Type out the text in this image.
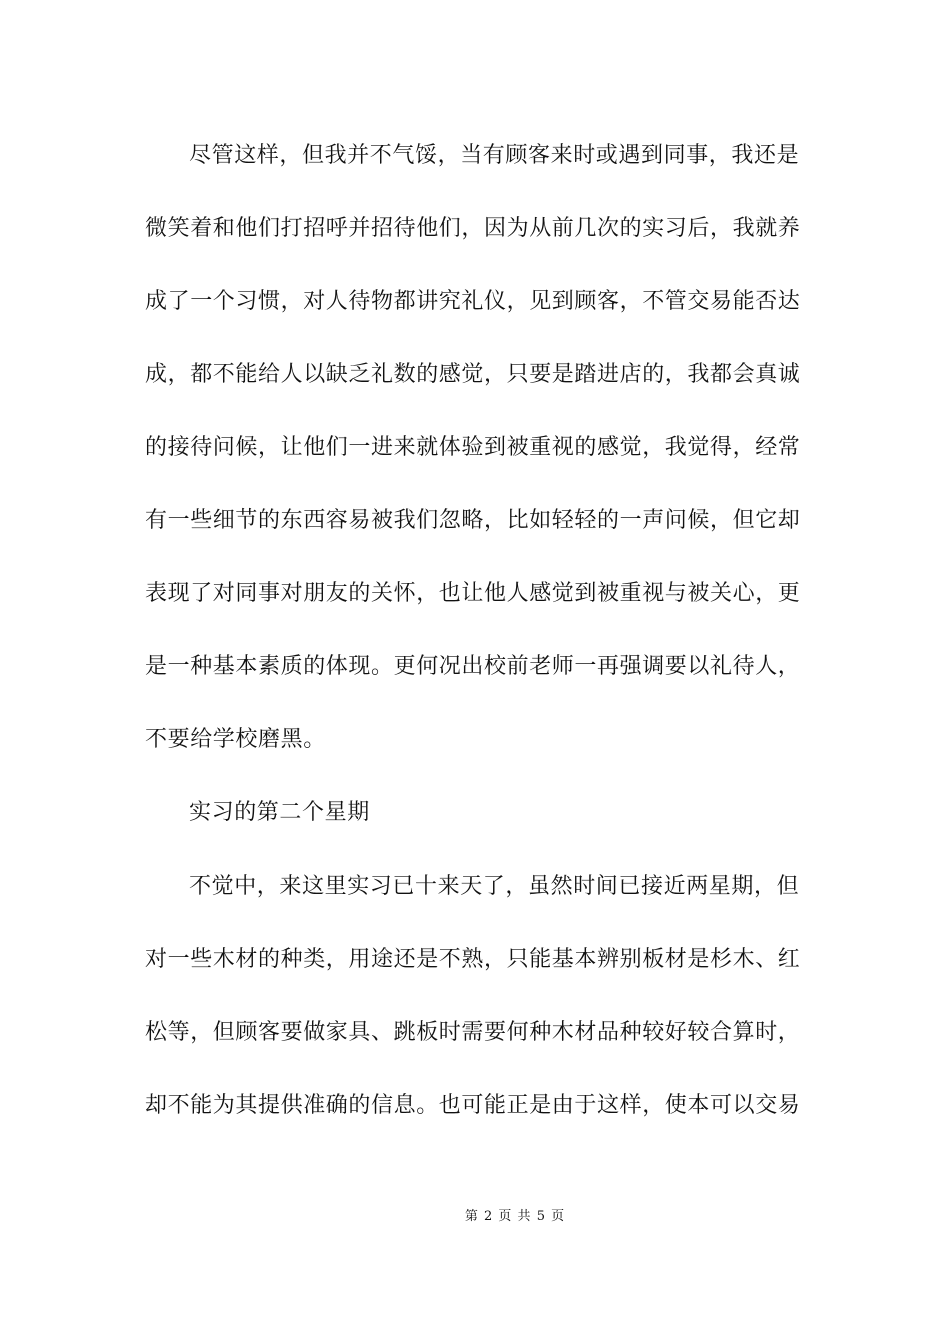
尽管这样，但我并不气馁，当有顾客来时或遇到同事，我还是
微笑着和他们打招呼并招待他们，因为从前几次的实习后，我就养
成了一个习惯，对人待物都讲究礼仪，见到顾客，不管交易能否达
成，都不能给人以缺乏礼数的感觉，只要是踏进店的，我都会真诚
的接待问候，让他们一进来就体验到被重视的感觉，我觉得，经常
有一些细节的东西容易被我们忽略，比如轻轻的一声问候，但它却
表现了对同事对朋友的关怀，也让他人感觉到被重视与被关心，更
是一种基本素质的体现。更何况出校前老师一再强调要以礼待人，
不要给学校磨黑。
实习的第二个星期
不觉中，来这里实习已十来天了，虽然时间已接近两星期，但
对一些木材的种类，用途还是不熟，只能基本辨别板材是杉木、红
松等，但顾客要做家具、跳板时需要何种木材品种较好较合算时，
却不能为其提供准确的信息。也可能正是由于这样，使本可以交易
第 2 页 共 5 页
